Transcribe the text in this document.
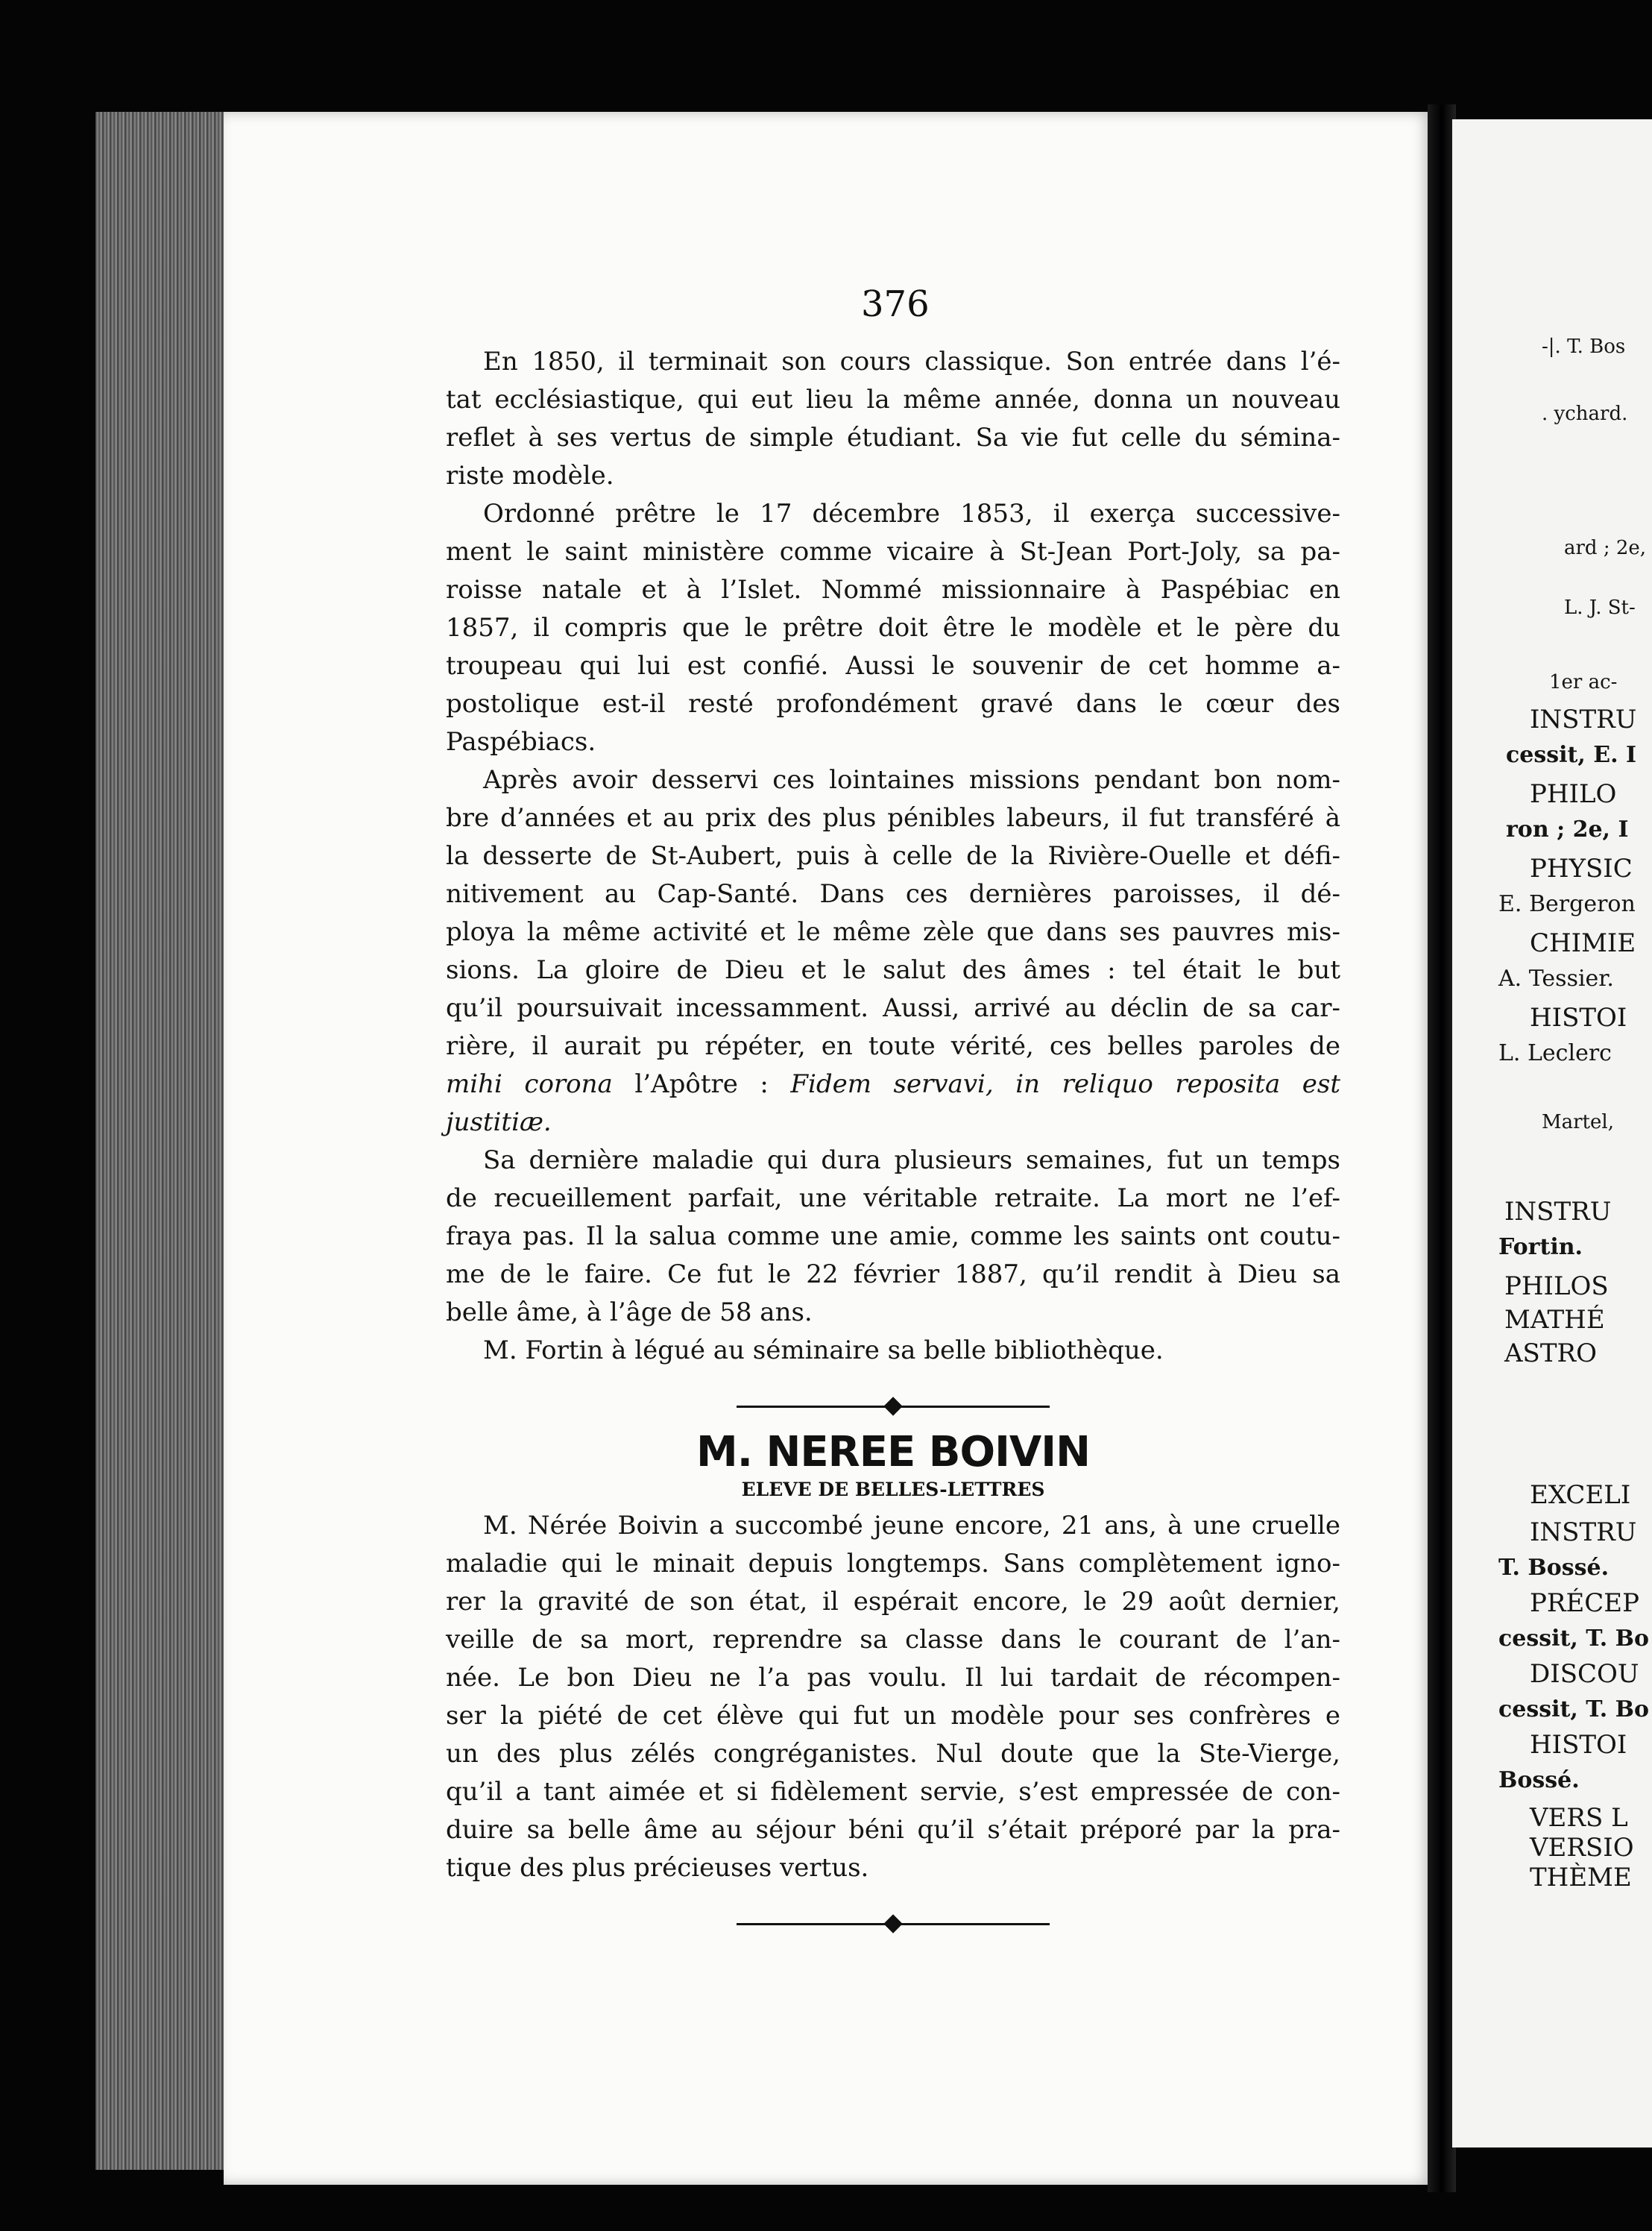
-|. T. Bos
. ychard.
ard ; 2e,
L. J. St-
1er ac-
INSTRU
cessit, E. I
PHILO
ron ; 2e, I
PHYSIC
E. Bergeron
CHIMIE
A. Tessier.
HISTOI
L. Leclerc
Martel,
INSTRU
Fortin.
PHILOS
MATHÉ
ASTRO
EXCELI
INSTRU
T. Bossé.
PRÉCEP
cessit, T. Bo
DISCOU
cessit, T. Bo
HISTOI
Bossé.
VERS L
VERSIO
THÈME
376
En 1850, il terminait son cours classique. Son entrée dans l’é-
tat ecclésiastique, qui eut lieu la même année, donna un nouveau
reflet à ses vertus de simple étudiant. Sa vie fut celle du sémina-
riste modèle.
Ordonné prêtre le 17 décembre 1853, il exerça successive-
ment le saint ministère comme vicaire à St-Jean Port-Joly, sa pa-
roisse natale et à l’Islet. Nommé missionnaire à Paspébiac en
1857, il compris que le prêtre doit être le modèle et le père du
troupeau qui lui est confié. Aussi le souvenir de cet homme a-
postolique est-il resté profondément gravé dans le cœur des
Paspébiacs.
Après avoir desservi ces lointaines missions pendant bon nom-
bre d’années et au prix des plus pénibles labeurs, il fut transféré à
la desserte de St-Aubert, puis à celle de la Rivière-Ouelle et défi-
nitivement au Cap-Santé. Dans ces dernières paroisses, il dé-
ploya la même activité et le même zèle que dans ses pauvres mis-
sions. La gloire de Dieu et le salut des âmes : tel était le but
qu’il poursuivait incessamment. Aussi, arrivé au déclin de sa car-
rière, il aurait pu répéter, en toute vérité, ces belles paroles de
mihi corona l’Apôtre : Fidem servavi, in reliquo reposita est
justitiæ.
Sa dernière maladie qui dura plusieurs semaines, fut un temps
de recueillement parfait, une véritable retraite. La mort ne l’ef-
fraya pas. Il la salua comme une amie, comme les saints ont coutu-
me de le faire. Ce fut le 22 février 1887, qu’il rendit à Dieu sa
belle âme, à l’âge de 58 ans.
M. Fortin à légué au séminaire sa belle bibliothèque.
M. NEREE BOIVIN
ELEVE DE BELLES-LETTRES
M. Nérée Boivin a succombé jeune encore, 21 ans, à une cruelle
maladie qui le minait depuis longtemps. Sans complètement igno-
rer la gravité de son état, il espérait encore, le 29 août dernier,
veille de sa mort, reprendre sa classe dans le courant de l’an-
née. Le bon Dieu ne l’a pas voulu. Il lui tardait de récompen-
ser la piété de cet élève qui fut un modèle pour ses confrères e
un des plus zélés congréganistes. Nul doute que la Ste-Vierge,
qu’il a tant aimée et si fidèlement servie, s’est empressée de con-
duire sa belle âme au séjour béni qu’il s’était préporé par la pra-
tique des plus précieuses vertus.
